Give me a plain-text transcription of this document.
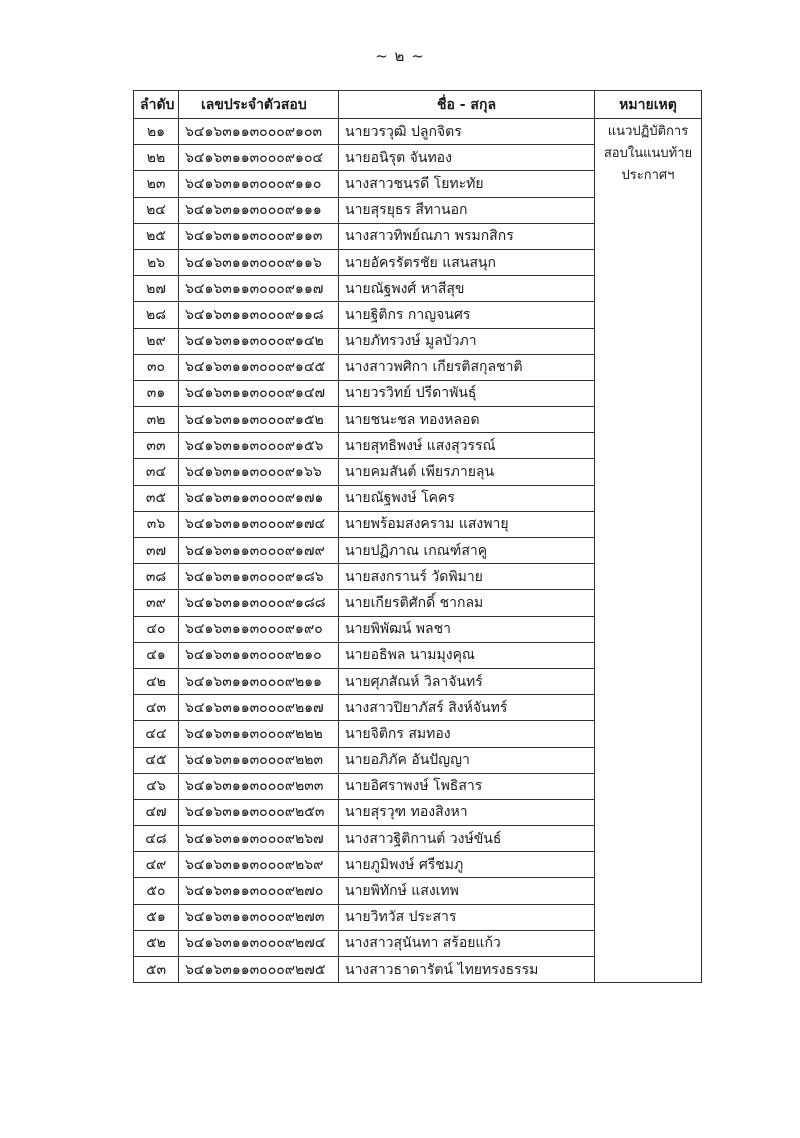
~ ๒ ~
ลำดับ	เลขประจำตัวสอบ	ชื่อ - สกุล	หมายเหตุ
๒๑	๖๔๑๖๓๑๑๓๐๐๐๙๑๐๓	นายวรวุฒิ ปลูกจิตร	แนวปฏิบัติการสอบในแนบท้ายประกาศฯ
๒๒	๖๔๑๖๓๑๑๓๐๐๐๙๑๐๔	นายอนิรุต จันทอง	
๒๓	๖๔๑๖๓๑๑๓๐๐๐๙๑๑๐	นางสาวชนรดี โยทะทัย	
๒๔	๖๔๑๖๓๑๑๓๐๐๐๙๑๑๑	นายสุรยุธร สีทานอก	
๒๕	๖๔๑๖๓๑๑๓๐๐๐๙๑๑๓	นางสาวทิพย์ณภา พรมกสิกร	
๒๖	๖๔๑๖๓๑๑๓๐๐๐๙๑๑๖	นายอัครรัตรชัย แสนสนุก	
๒๗	๖๔๑๖๓๑๑๓๐๐๐๙๑๑๗	นายณัฐพงศ์ หาสีสุข	
๒๘	๖๔๑๖๓๑๑๓๐๐๐๙๑๑๘	นายฐิติกร กาญจนศร	
๒๙	๖๔๑๖๓๑๑๓๐๐๐๙๑๔๒	นายภัทรวงษ์ มูลบัวภา	
๓๐	๖๔๑๖๓๑๑๓๐๐๐๙๑๔๕	นางสาวพศิกา เกียรติสกุลชาติ	
๓๑	๖๔๑๖๓๑๑๓๐๐๐๙๑๔๗	นายวรวิทย์ ปรีดาพันธุ์	
๓๒	๖๔๑๖๓๑๑๓๐๐๐๙๑๕๒	นายชนะชล ทองหลอด	
๓๓	๖๔๑๖๓๑๑๓๐๐๐๙๑๕๖	นายสุทธิพงษ์ แสงสุวรรณ์	
๓๔	๖๔๑๖๓๑๑๓๐๐๐๙๑๖๖	นายคมสันต์ เพียรภายลุน	
๓๕	๖๔๑๖๓๑๑๓๐๐๐๙๑๗๑	นายณัฐพงษ์ โคคร	
๓๖	๖๔๑๖๓๑๑๓๐๐๐๙๑๗๔	นายพร้อมสงคราม แสงพายุ	
๓๗	๖๔๑๖๓๑๑๓๐๐๐๙๑๗๙	นายปฏิภาณ เกณฑ์สาคู	
๓๘	๖๔๑๖๓๑๑๓๐๐๐๙๑๘๖	นายสงกรานร์ วัดพิมาย	
๓๙	๖๔๑๖๓๑๑๓๐๐๐๙๑๘๘	นายเกียรติศักดิ์ ชากลม	
๔๐	๖๔๑๖๓๑๑๓๐๐๐๙๑๙๐	นายพิพัฒน์ พลชา	
๔๑	๖๔๑๖๓๑๑๓๐๐๐๙๒๑๐	นายอธิพล นามมุงคุณ	
๔๒	๖๔๑๖๓๑๑๓๐๐๐๙๒๑๑	นายศุภสัณห์ วิลาจันทร์	
๔๓	๖๔๑๖๓๑๑๓๐๐๐๙๒๑๗	นางสาวปิยาภัสร์ สิงห์จันทร์	
๔๔	๖๔๑๖๓๑๑๓๐๐๐๙๒๒๒	นายจิติกร สมทอง	
๔๕	๖๔๑๖๓๑๑๓๐๐๐๙๒๒๓	นายอภิภัค อันปัญญา	
๔๖	๖๔๑๖๓๑๑๓๐๐๐๙๒๓๓	นายอิศราพงษ์ โพธิสาร	
๔๗	๖๔๑๖๓๑๑๓๐๐๐๙๒๕๓	นายสุรวุฑ ทองสิงหา	
๔๘	๖๔๑๖๓๑๑๓๐๐๐๙๒๖๗	นางสาวฐิติกานต์ วงษ์ขันธ์	
๔๙	๖๔๑๖๓๑๑๓๐๐๐๙๒๖๙	นายภูมิพงษ์ ศรีชมภู	
๕๐	๖๔๑๖๓๑๑๓๐๐๐๙๒๗๐	นายพิทักษ์ แสงเทพ	
๕๑	๖๔๑๖๓๑๑๓๐๐๐๙๒๗๓	นายวิทวัส ประสาร	
๕๒	๖๔๑๖๓๑๑๓๐๐๐๙๒๗๔	นางสาวสุนันทา สร้อยแก้ว	
๕๓	๖๔๑๖๓๑๑๓๐๐๐๙๒๗๕	นางสาวธาดารัตน์ ไทยทรงธรรม	
